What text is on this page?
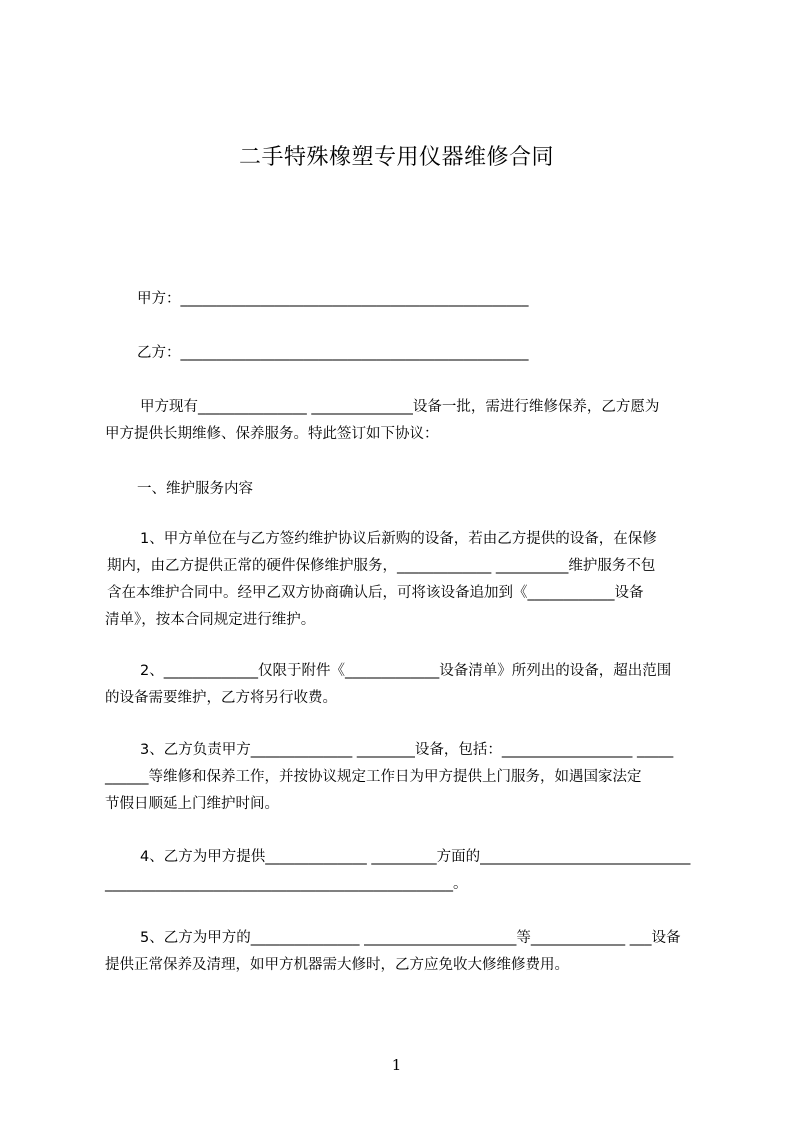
二手特殊橡塑专用仪器维修合同
甲方：________________________________________________
乙方：________________________________________________
甲方现有_______________ ______________设备一批，需进行维修保养，乙方愿为
甲方提供长期维修、保养服务。特此签订如下协议：
一、维护服务内容
1、甲方单位在与乙方签约维护协议后新购的设备，若由乙方提供的设备，在保修
期内，由乙方提供正常的硬件保修维护服务，_____________ __________维护服务不包
含在本维护合同中。经甲乙双方协商确认后，可将该设备追加到《____________设备
清单》，按本合同规定进行维护。
2、_____________仅限于附件《_____________设备清单》所列出的设备，超出范围
的设备需要维护，乙方将另行收费。
3、乙方负责甲方______________ ________设备，包括：__________________ _____
______等维修和保养工作，并按协议规定工作日为甲方提供上门服务，如遇国家法定
节假日顺延上门维护时间。
4、乙方为甲方提供______________ _________方面的_____________________________
________________________________________________。
5、乙方为甲方的_______________ _____________________等_____________ ___设备
提供正常保养及清理，如甲方机器需大修时，乙方应免收大修维修费用。
1
